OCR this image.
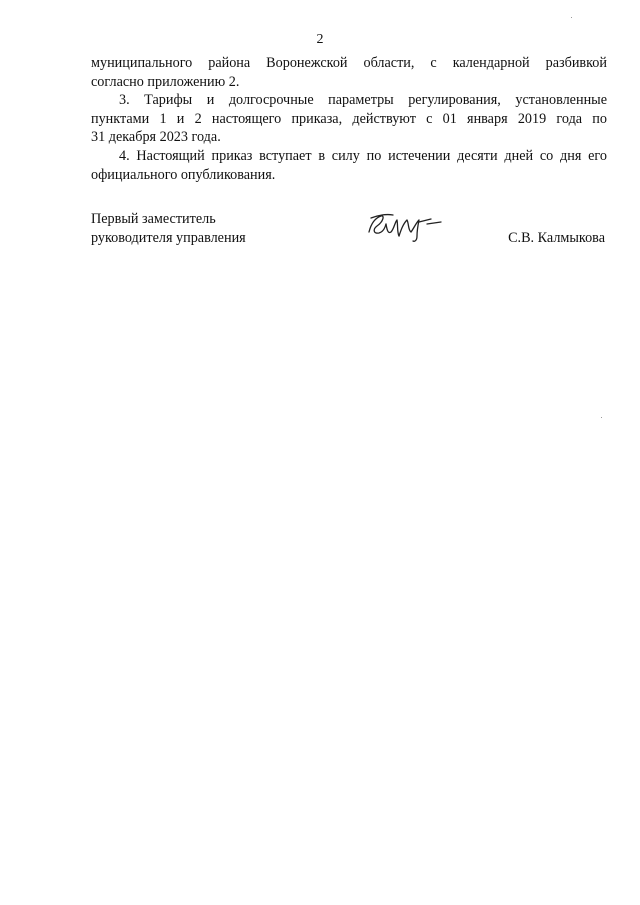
2

муниципального района Воронежской области, с календарной разбивкой
согласно приложению 2.

3. Тарифы и долгосрочные параметры регулирования, установленные
пунктами 1 и 2 настоящего приказа, действуют с 01 января 2019 года по
31 декабря 2023 года.

4. Настоящий приказ вступает в силу по истечении десяти дней со дня его
официального опубликования.

Первый заместитель
руководителя управления	С.В. Калмыкова
